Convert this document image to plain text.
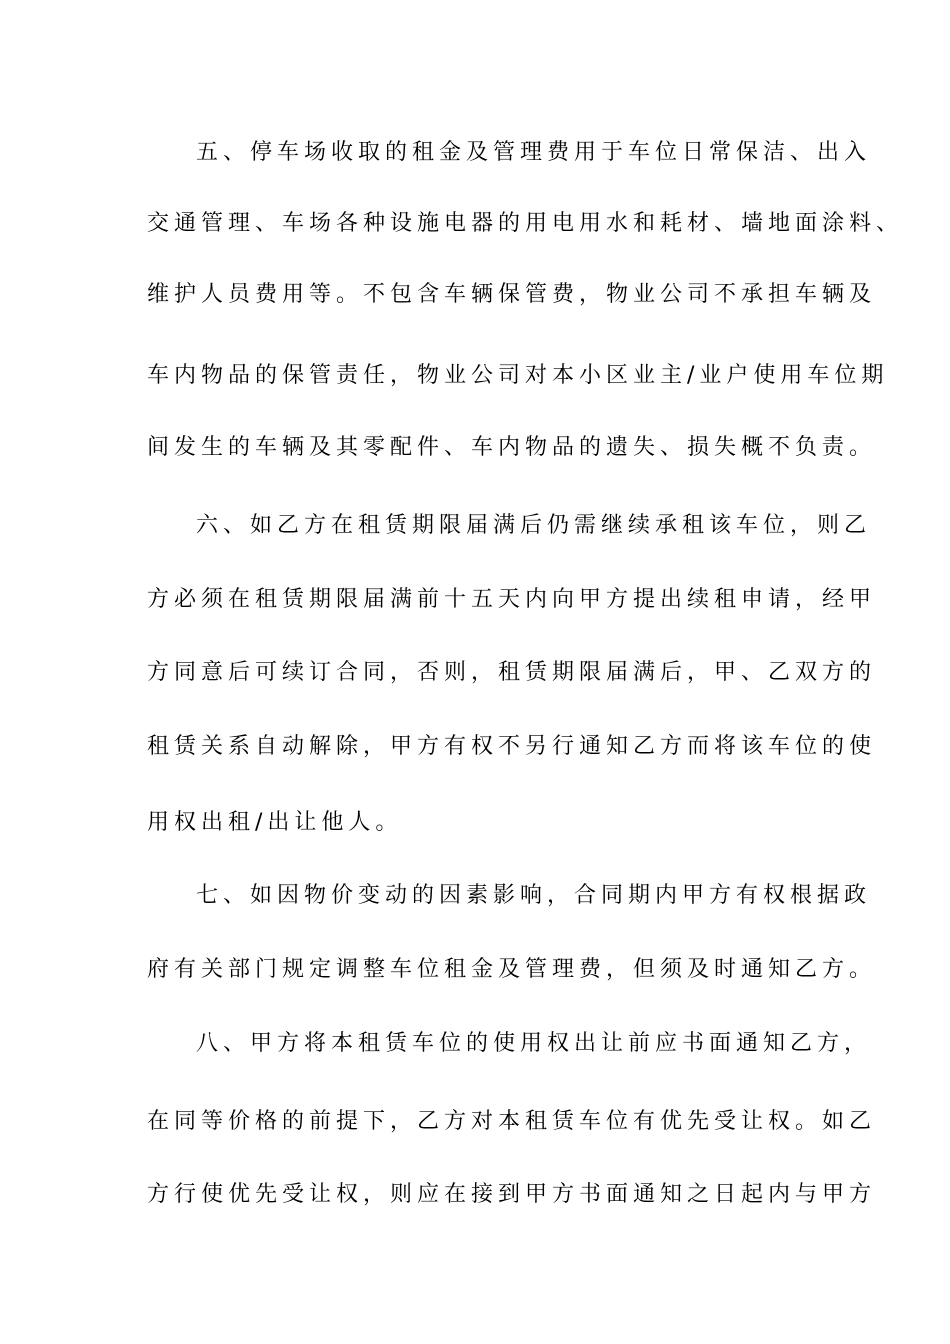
五、停车场收取的租金及管理费用于车位日常保洁、出入
交通管理、车场各种设施电器的用电用水和耗材、墙地面涂料、
维护人员费用等。不包含车辆保管费，物业公司不承担车辆及
车内物品的保管责任，物业公司对本小区业主/业户使用车位期
间发生的车辆及其零配件、车内物品的遗失、损失概不负责。
六、如乙方在租赁期限届满后仍需继续承租该车位，则乙
方必须在租赁期限届满前十五天内向甲方提出续租申请，经甲
方同意后可续订合同，否则，租赁期限届满后，甲、乙双方的
租赁关系自动解除，甲方有权不另行通知乙方而将该车位的使
用权出租/出让他人。
七、如因物价变动的因素影响，合同期内甲方有权根据政
府有关部门规定调整车位租金及管理费，但须及时通知乙方。
八、甲方将本租赁车位的使用权出让前应书面通知乙方，
在同等价格的前提下，乙方对本租赁车位有优先受让权。如乙
方行使优先受让权，则应在接到甲方书面通知之日起内与甲方
